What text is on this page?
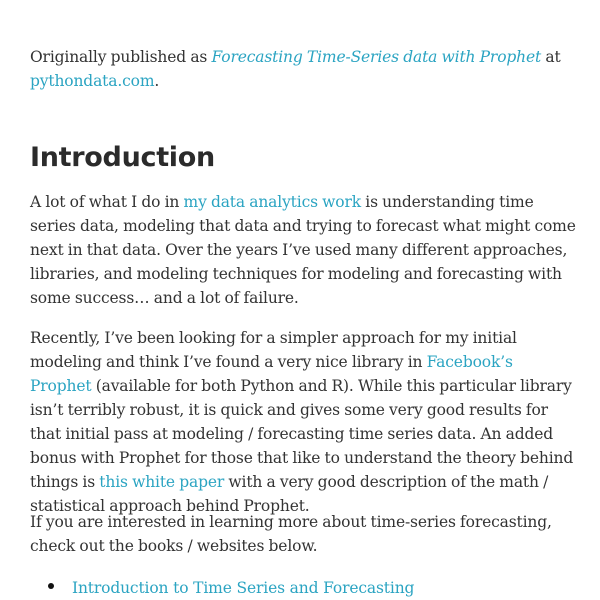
Originally published as Forecasting Time-Series data with Prophet at pythondata.com.

Introduction

A lot of what I do in my data analytics work is understanding time series data, modeling that data and trying to forecast what might come next in that data. Over the years I’ve used many different approaches, libraries, and modeling techniques for modeling and forecasting with some success… and a lot of failure.

Recently, I’ve been looking for a simpler approach for my initial modeling and think I’ve found a very nice library in Facebook’s Prophet (available for both Python and R). While this particular library isn’t terribly robust, it is quick and gives some very good results for that initial pass at modeling / forecasting time series data. An added bonus with Prophet for those that like to understand the theory behind things is this white paper with a very good description of the math / statistical approach behind Prophet.

If you are interested in learning more about time-series forecasting, check out the books / websites below.

Introduction to Time Series and Forecasting
